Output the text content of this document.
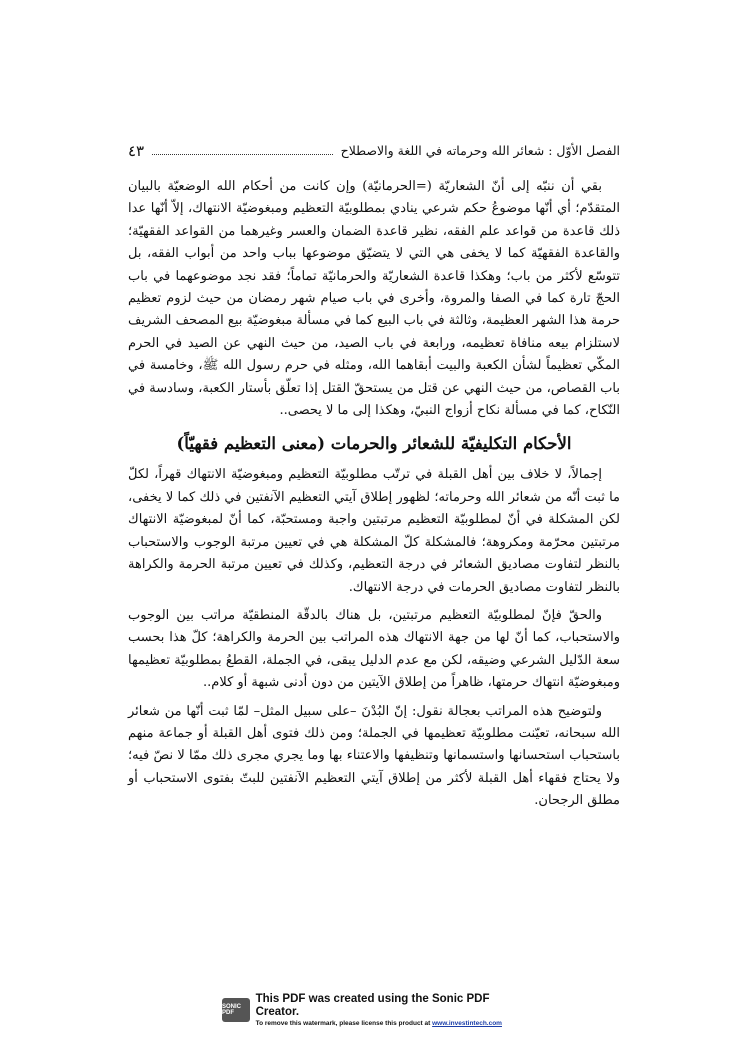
الفصل الأوّل : شعائر الله وحرماته في اللغة والاصطلاح
٤٣

بقي أن ننبّه إلى أنّ الشعاريّة (=الحرمانيّة) وإن كانت من أحكام الله الوضعيّة بالبيان المتقدّم؛ أي أنّها موضوعُ حكم شرعي ينادي بمطلوبيّة التعظيم ومبغوضيّة الانتهاك، إلاّ أنّها عدا ذلك قاعدة من قواعد علم الفقه، نظير قاعدة الضمان والعسر وغيرهما من القواعد الفقهيّة؛ والقاعدة الفقهيّة كما لا يخفى هي التي لا يتضيّق موضوعها بباب واحد من أبواب الفقه، بل تتوسّع لأكثر من باب؛ وهكذا قاعدة الشعاريّة والحرمانيّة تماماً؛ فقد نجد موضوعهما في باب الحجّ تارة كما في الصفا والمروة، وأخرى في باب صيام شهر رمضان من حيث لزوم تعظيم حرمة هذا الشهر العظيمة، وثالثة في باب البيع كما في مسألة مبغوضيّة بيع المصحف الشريف لاستلزام بيعه منافاة تعظيمه، ورابعة في باب الصيد، من حيث النهي عن الصيد في الحرم المكّي تعظيماً لشأن الكعبة والبيت أبقاهما الله، ومثله في حرم رسول الله ﷺ، وخامسة في باب القصاص، من حيث النهي عن قتل من يستحقّ القتل إذا تعلّق بأستار الكعبة، وسادسة في النّكاح، كما في مسألة نكاح أزواج النبيّ، وهكذا إلى ما لا يحصى..

الأحكام التكليفيّة للشعائر والحرمات (معنى التعظيم فقهيّاً)

إجمالاً، لا خلاف بين أهل القبلة في ترتّب مطلوبيّة التعظيم ومبغوضيّة الانتهاك قهراً، لكلّ ما ثبت أنّه من شعائر الله وحرماته؛ لظهور إطلاق آيتي التعظيم الآنفتين في ذلك كما لا يخفى، لكن المشكلة في أنّ لمطلوبيّة التعظيم مرتبتين واجبة ومستحبّة، كما أنّ لمبغوضيّة الانتهاك مرتبتين محرّمة ومكروهة؛ فالمشكلة كلّ المشكلة هي في تعيين مرتبة الوجوب والاستحباب بالنظر لتفاوت مصاديق الشعائر في درجة التعظيم، وكذلك في تعيين مرتبة الحرمة والكراهة بالنظر لتفاوت مصاديق الحرمات في درجة الانتهاك.

والحقّ فإنّ لمطلوبيّة التعظيم مرتبتين، بل هناك بالدقّة المنطقيّة مراتب بين الوجوب والاستحباب، كما أنّ لها من جهة الانتهاك هذه المراتب بين الحرمة والكراهة؛ كلّ هذا بحسب سعة الدّليل الشرعي وضيقه، لكن مع عدم الدليل يبقى، في الجملة، القطعُ بمطلوبيّة تعظيمها ومبغوضيّة انتهاك حرمتها، ظاهراً من إطلاق الآيتين من دون أدنى شبهة أو كلام..

ولتوضيح هذه المراتب بعجالة نقول: إنّ البُدْنَ –على سبيل المثل– لمّا ثبت أنّها من شعائر الله سبحانه، تعيّنت مطلوبيّة تعظيمها في الجملة؛ ومن ذلك فتوى أهل القبلة أو جماعة منهم باستحباب استحسانها واستسمانها وتنظيفها والاعتناء بها وما يجري مجرى ذلك ممّا لا نصّ فيه؛ ولا يحتاج فقهاء أهل القبلة لأكثر من إطلاق آيتي التعظيم الآنفتين للبتّ بفتوى الاستحباب أو مطلق الرجحان.

SONIC PDF
This PDF was created using the Sonic PDF Creator.
To remove this watermark, please license this product at www.investintech.com
